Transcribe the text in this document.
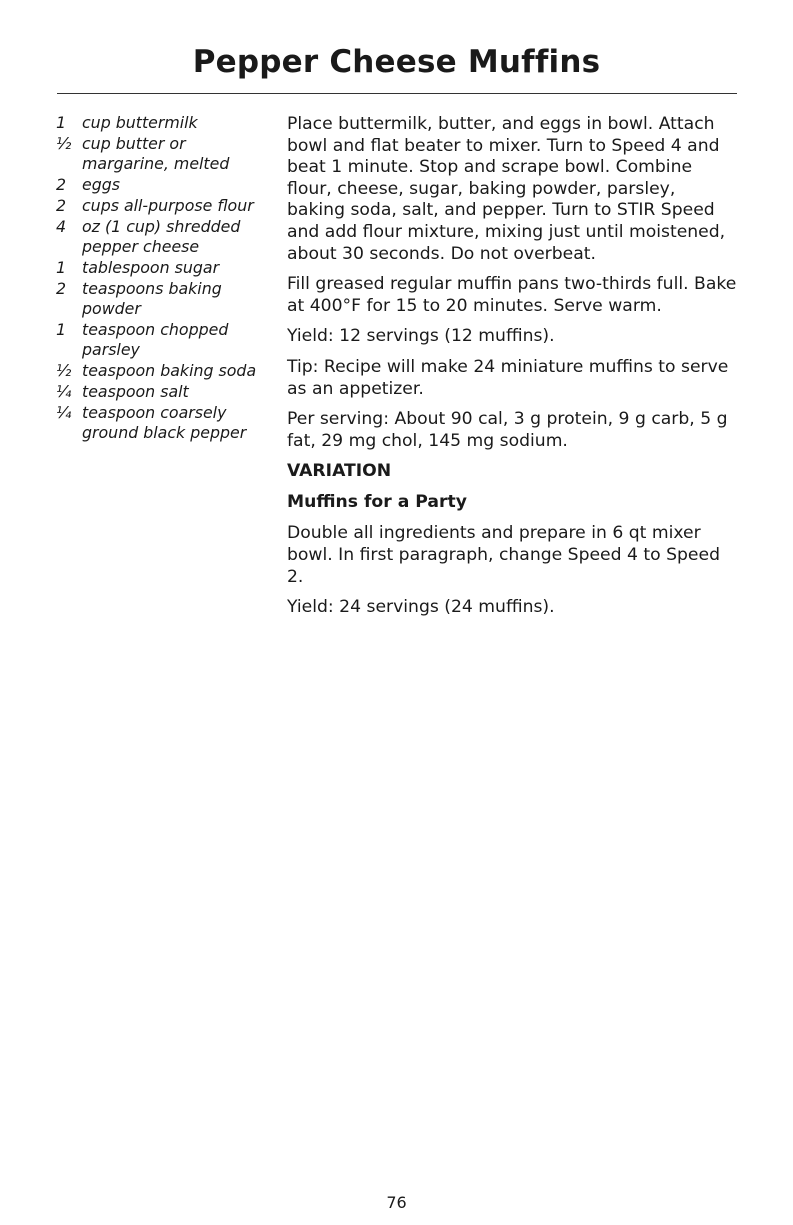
Pepper Cheese Muffins
1	cup buttermilk
½ cup butter or margarine, melted
2	eggs
2	cups all-purpose flour
4	oz (1 cup) shredded pepper cheese
1	tablespoon sugar
2	teaspoons baking powder
1	teaspoon chopped parsley
½ teaspoon baking soda
¼ teaspoon salt
¼ teaspoon coarsely ground black pepper

Place buttermilk, butter, and eggs in bowl. Attach bowl and flat beater to mixer. Turn to Speed 4 and beat 1 minute. Stop and scrape bowl. Combine flour, cheese, sugar, baking powder, parsley, baking soda, salt, and pepper. Turn to STIR Speed and add flour mixture, mixing just until moistened, about 30 seconds. Do not overbeat.

Fill greased regular muffin pans two-thirds full. Bake at 400°F for 15 to 20 minutes. Serve warm.

Yield: 12 servings (12 muffins).

Tip: Recipe will make 24 miniature muffins to serve as an appetizer.

Per serving: About 90 cal, 3 g protein, 9 g carb, 5 g fat, 29 mg chol, 145 mg sodium.

VARIATION
Muffins for a Party

Double all ingredients and prepare in 6 qt mixer bowl. In first paragraph, change Speed 4 to Speed 2.

Yield: 24 servings (24 muffins).

76
